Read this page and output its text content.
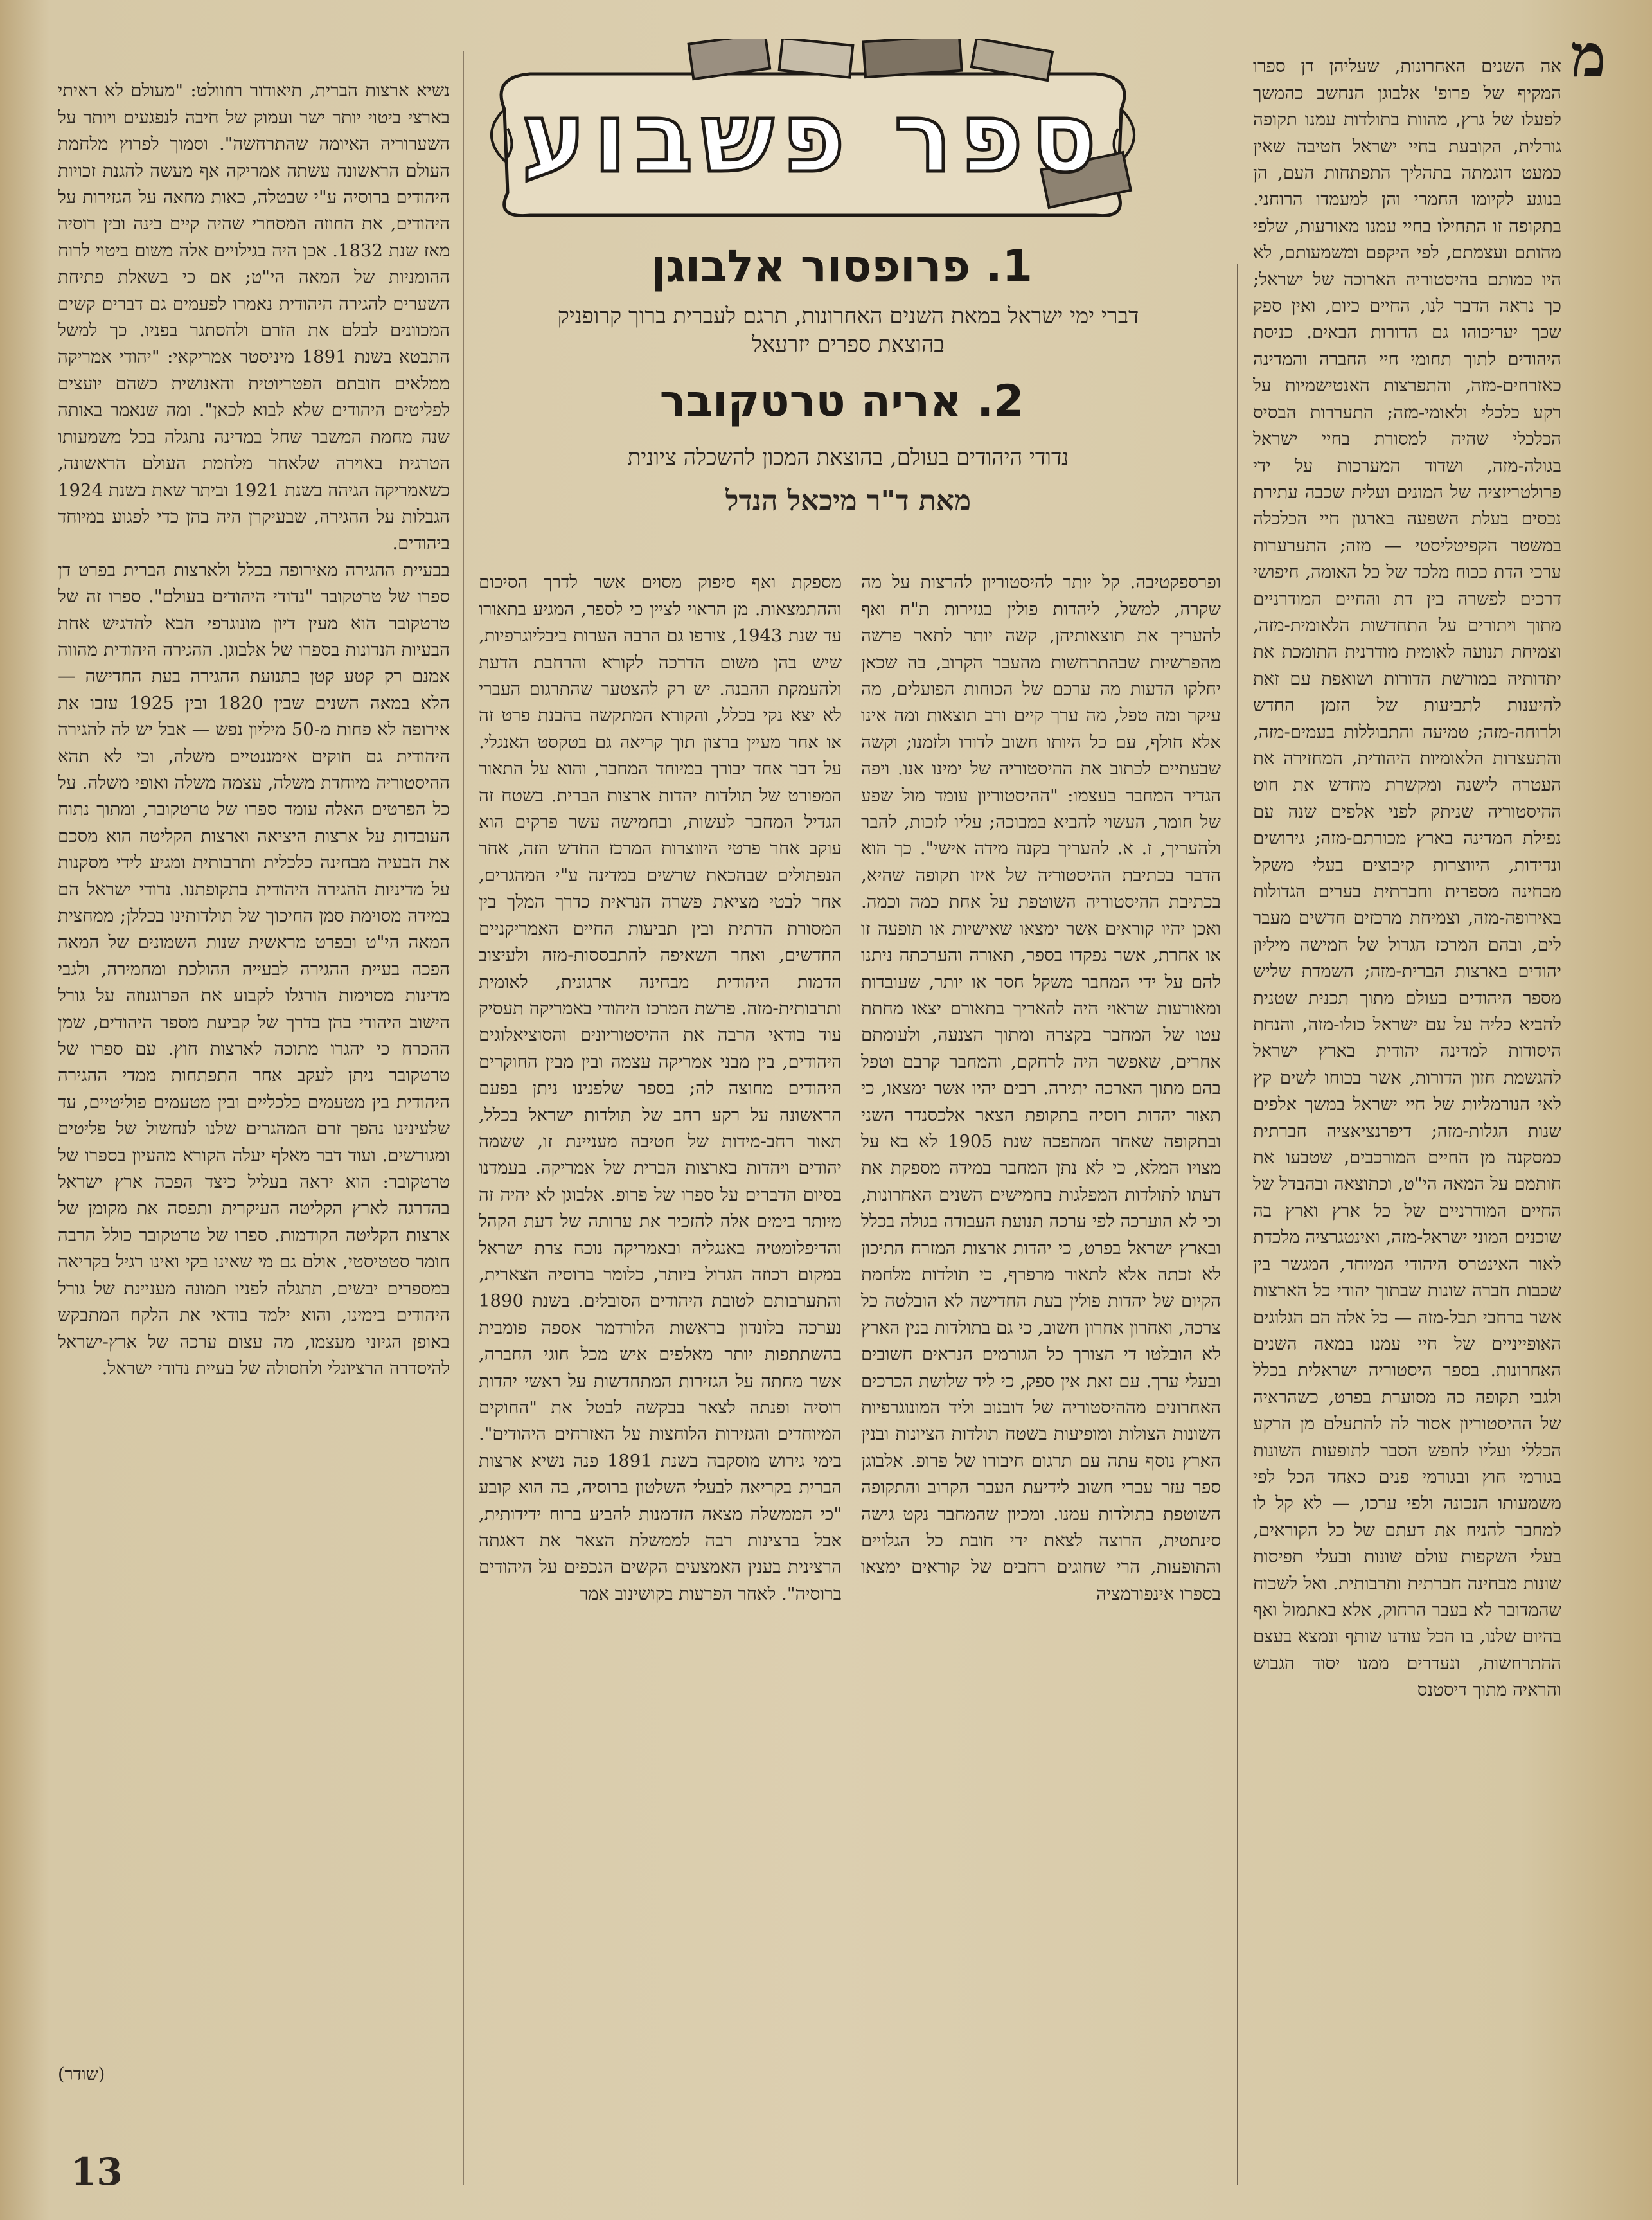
ספר פשבוע
מ
1. פרופסור אלבוגן
דברי ימי ישראל במאת השנים האחרונות, תרגם לעברית ברוך קרופניק
בהוצאת ספרים יזרעאל
2. אריה טרטקובר
נדודי היהודים בעולם, בהוצאת המכון להשכלה ציונית
מאת ד"ר מיכאל הנדל

אה השנים האחרונות, שעליהן דן ספרו המקיף של פרופ' אלבוגן הנחשב כהמשך לפעלו של גרץ, מהוות בתולדות עמנו תקופה גורלית, הקובעת בחיי ישראל חטיבה שאין כמעט דוגמתה בתהליך התפתחות העם, הן בנוגע לקיומו החמרי והן למעמדו הרוחני. בתקופה זו התחילו בחיי עמנו מאורעות, שלפי מהותם ועצמתם, לפי היקפם ומשמעותם, לא היו כמותם בהיסטוריה הארוכה של ישראל; כך נראה הדבר לנו, החיים כיום, ואין ספק שכך יעריכוהו גם הדורות הבאים. כניסת היהודים לתוך תחומי חיי החברה והמדינה כאזרחים-מזה, והתפרצות האנטישמיות על רקע כלכלי ולאומי-מזה; התעררות הבסיס הכלכלי שהיה למסורת בחיי ישראל בגולה-מזה, ושדוד המערכות על ידי פרולטריזציה של המונים ועלית שכבה עתירת נכסים בעלת השפעה בארגון חיי הכלכלה במשטר הקפיטליסטי — מזה; התערערות ערכי הדת ככוח מלכד של כל האומה, חיפושי דרכים לפשרה בין דת והחיים המודרניים מתוך ויתורים על התחדשות הלאומית-מזה, וצמיחת תנועה לאומית מודרנית התומכת את יתדותיה במורשת הדורות ושואפת עם זאת להיענות לתביעות של הזמן החדש ולרוחה-מזה; טמיעה והתבוללות בעמים-מזה, והתעצרות הלאומיות היהודית, המחזירה את העטרה לישנה ומקשרת מחדש את חוט ההיסטוריה שניתק לפני אלפים שנה עם נפילת המדינה בארץ מכורתם-מזה; גירושים ונדידות, היווצרות קיבוצים בעלי משקל מבחינה מספרית וחברתית בערים הגדולות באירופה-מזה, וצמיחת מרכזים חדשים מעבר לים, ובהם המרכז הגדול של חמישה מיליון יהודים בארצות הברית-מזה; השמדת שליש מספר היהודים בעולם מתוך תכנית שטנית להביא כליה על עם ישראל כולו-מזה, והנחת היסודות למדינה יהודית בארץ ישראל להגשמת חזון הדורות, אשר בכוחו לשים קץ לאי הנורמליות של חיי ישראל במשך אלפים שנות הגלות-מזה; דיפרנציאציה חברתית כמסקנה מן החיים המורכבים, שטבעו את חותמם על המאה הי"ט, וכתוצאה ובהבדל של החיים המודרניים של כל ארץ וארץ בה שוכנים המוני ישראל-מזה, ואינטגרציה מלכדת לאור האינטרס היהודי המיוחד, המגשר בין שכבות חברה שונות שבתוך יהודי כל הארצות אשר ברחבי תבל-מזה — כל אלה הם הגלוגים האופייניים של חיי עמנו במאה השנים האחרונות. בספר היסטוריה ישראלית בכלל ולגבי תקופה כה מסוערת בפרט, כשהראיה של ההיסטוריון אסור לה להתעלם מן הרקע הכללי ועליו לחפש הסבר לתופעות השונות בגורמי חוץ ובגורמי פנים כאחד הכל לפי משמעותו הנכונה ולפי ערכו, — לא קל לו למחבר להניח את דעתם של כל הקוראים, בעלי השקפות עולם שונות ובעלי תפיסות שונות מבחינה חברתית ותרבותית. ואל לשכוח שהמדובר לא בעבר הרחוק, אלא באתמול ואף בהיום שלנו, בו הכל עודנו שותף ונמצא בעצם ההתרחשות, ונעדרים ממנו יסוד הגבוש והראיה מתוך דיסטנס

ופרספקטיבה. קל יותר להיסטוריון להרצות על מה שקרה, למשל, ליהדות פולין בגזירות ת"ח ואף להעריך את תוצאותיהן, קשה יותר לתאר פרשה מהפרשיות שבהתרחשות מהעבר הקרוב, בה שכאן יחלקו הדעות מה ערכם של הכוחות הפועלים, מה עיקר ומה טפל, מה ערך קיים ורב תוצאות ומה אינו אלא חולף, עם כל היותו חשוב לדורו ולזמנו; וקשה שבעתיים לכתוב את ההיסטוריה של ימינו אנו. ויפה הגדיר המחבר בעצמו: "ההיסטוריון עומד מול שפע של חומר, העשוי להביא במבוכה; עליו לזכות, להבר ולהעריך, ז. א. להעריך בקנה מידה אישי". כך הוא הדבר בכתיבת ההיסטוריה של איזו תקופה שהיא, בכתיבת ההיסטוריה השוטפת על אחת כמה וכמה. ואכן יהיו קוראים אשר ימצאו שאישיות או תופעה זו או אחרת, אשר נפקדו בספר, תאורה והערכתה ניתנו להם על ידי המחבר משקל חסר או יותר, שעובדות ומאורעות שראוי היה להאריך בתאורם יצאו מחתת עטו של המחבר בקצרה ומתוך הצנעה, ולעומתם אחרים, שאפשר היה לרחקם, והמחבר קרבם וטפל בהם מתוך הארכה יתירה. רבים יהיו אשר ימצאו, כי תאור יהדות רוסיה בתקופת הצאר אלכסנדר השני ובתקופה שאחר המהפכה שנת 1905 לא בא על מצויו המלא, כי לא נתן המחבר במידה מספקת את דעתו לתולדות המפלגות בחמישים השנים האחרונות, וכי לא הוערכה לפי ערכה תנועת העבודה בגולה בכלל ובארץ ישראל בפרט, כי יהדות ארצות המזרח התיכון לא זכתה אלא לתאור מרפרף, כי תולדות מלחמת הקיום של יהדות פולין בעת החדישה לא הובלטה כל צרכה, ואחרון אחרון חשוב, כי גם בתולדות בנין הארץ לא הובלטו די הצורך כל הגורמים הנראים חשובים ובעלי ערך. עם זאת אין ספק, כי ליד שלושת הכרכים האחרונים מההיסטוריה של דובנוב וליד המונוגרפיות השונות הצולות ומופיעות בשטח תולדות הציונות ובנין הארץ נוסף עתה עם תרגום חיבורו של פרופ. אלבוגן ספר עזר עברי חשוב לידיעת העבר הקרוב והתקופה השוטפת בתולדות עמנו. ומכיון שהמחבר נקט גישה סינתטית, הרוצה לצאת ידי חובת כל הגלויים והתופעות, הרי שחוגים רחבים של קוראים ימצאו בספרו אינפורמציה

מספקת ואף סיפוק מסוים אשר לדרך הסיכום וההתמצאות. מן הראוי לציין כי לספר, המגיע בתאורו עד שנת 1943, צורפו גם הרבה הערות ביבליוגרפיות, שיש בהן משום הדרכה לקורא והרחבת הדעת ולהעמקת ההבנה. יש רק להצטער שהתרגום העברי לא יצא נקי בכלל, והקורא המתקשה בהבנת פרט זה או אחר מעיין ברצון תוך קריאה גם בטקסט האנגלי. על דבר אחד יבורך במיוחד המחבר, והוא על התאור המפורט של תולדות יהדות ארצות הברית. בשטח זה הגדיל המחבר לעשות, ובחמישה עשר פרקים הוא עוקב אחר פרטי היווצרות המרכז החדש הזה, אחר הנפתולים שבהכאת שרשים במדינה ע"י המהגרים, אחר לבטי מציאת פשרה הנראית כדרך המלך בין המסורת הדתית ובין תביעות החיים האמריקניים החדשים, ואחר השאיפה להתבססות-מזה ולעיצוב הדמות היהודית מבחינה ארגונית, לאומית ותרבותית-מזה. פרשת המרכז היהודי באמריקה תעסיק עוד בודאי הרבה את ההיסטוריונים והסוציאלוגים היהודים, בין מבני אמריקה עצמה ובין מבין החוקרים היהודים מחוצה לה; בספר שלפנינו ניתן בפעם הראשונה על רקע רחב של תולדות ישראל בכלל, תאור רחב-מידות של חטיבה מעניינת זו, ששמה יהודים ויהדות בארצות הברית של אמריקה. בעמדנו בסיום הדברים על ספרו של פרופ. אלבוגן לא יהיה זה מיותר בימים אלה להזכיר את ערותה של דעת הקהל והדיפלומטיה באנגליה ובאמריקה נוכח צרת ישראל במקום רכוזה הגדול ביותר, כלומר ברוסיה הצארית, והתערבותם לטובת היהודים הסובלים. בשנת 1890 נערכה בלונדון בראשות הלורדמר אספה פומבית בהשתתפות יותר מאלפים איש מכל חוגי החברה, אשר מחתה על הגזירות המתחדשות על ראשי יהדות רוסיה ופנתה לצאר בבקשה לבטל את "החוקים המיוחדים והגזירות הלוחצות על האזרחים היהודים". בימי גירוש מוסקבה בשנת 1891 פנה נשיא ארצות הברית בקריאה לבעלי השלטון ברוסיה, בה הוא קובע "כי הממשלה מצאה הזדמנות להביע ברוח ידידותית, אבל ברצינות רבה לממשלת הצאר את דאגתה הרצינית בענין האמצעים הקשים הנכפים על היהודים ברוסיה". לאחר הפרעות בקושינוב אמר

נשיא ארצות הברית, תיאודור רוזוולט: "מעולם לא ראיתי בארצי ביטוי יותר ישר ועמוק של חיבה לנפגעים ויותר על השערוריה האיומה שהתרחשה". וסמוך לפרוץ מלחמת העולם הראשונה עשתה אמריקה אף מעשה להגנת זכויות היהודים ברוסיה ע"י שבטלה, כאות מחאה על הגזירות על היהודים, את החוזה המסחרי שהיה קיים בינה ובין רוסיה מאז שנת 1832. אכן היה בגילויים אלה משום ביטוי לרוח ההומניות של המאה הי"ט; אם כי בשאלת פתיחת השערים להגירה היהודית נאמרו לפעמים גם דברים קשים המכוונים לבלם את הזרם ולהסתגר בפניו. כך למשל התבטא בשנת 1891 מיניסטר אמריקאי: "יהודי אמריקה ממלאים חובתם הפטריוטית והאנושית כשהם יועצים לפליטים היהודים שלא לבוא לכאן". ומה שנאמר באותה שנה מחמת המשבר שחל במדינה נתגלה בכל משמעותו הטרגית באוירה שלאחר מלחמת העולם הראשונה, כשאמריקה הגיהה בשנת 1921 וביתר שאת בשנת 1924 הגבלות על ההגירה, שבעיקרן היה בהן כדי לפגוע במיוחד ביהודים.
בבעיית ההגירה מאירופה בכלל ולארצות הברית בפרט דן ספרו של טרטקובר "נדודי היהודים בעולם". ספרו זה של טרטקובר הוא מעין דיון מונוגרפי הבא להדגיש אחת הבעיות הנדונות בספרו של אלבוגן. ההגירה היהודית מהווה אמנם רק קטע קטן בתנועת ההגירה בעת החדישה — הלא במאה השנים שבין 1820 ובין 1925 עזבו את אירופה לא פחות מ-50 מיליון נפש — אבל יש לה להגירה היהודית גם חוקים אימננטיים משלה, וכי לא תהא ההיסטוריה מיוחדת משלה, עצמה משלה ואופי משלה. על כל הפרטים האלה עומד ספרו של טרטקובר, ומתוך נתוח העובדות על ארצות היציאה וארצות הקליטה הוא מסכם את הבעיה מבחינה כלכלית ותרבותית ומגיע לידי מסקנות על מדיניות ההגירה היהודית בתקופתנו. נדודי ישראל הם במידה מסוימת סמן החיכוך של תולדותינו בכללן; ממחצית המאה הי"ט ובפרט מראשית שנות השמונים של המאה הפכה בעיית ההגירה לבעייה ההולכת ומחמירה, ולגבי מדינות מסוימות הורגלו לקבוע את הפרוגנוזה על גורל הישוב היהודי בהן בדרך של קביעת מספר היהודים, שמן ההכרח כי יהגרו מתוכה לארצות חוץ. עם ספרו של טרטקובר ניתן לעקב אחר התפתחות ממדי ההגירה היהודית בין מטעמים כלכליים ובין מטעמים פוליטיים, עד שלעינינו נהפך זרם המהגרים שלנו לנחשול של פליטים ומגורשים. ועוד דבר מאלף יעלה הקורא מהעיון בספרו של טרטקובר: הוא יראה בעליל כיצד הפכה ארץ ישראל בהדרגה לארץ הקליטה העיקרית ותפסה את מקומן של ארצות הקליטה הקודמות. ספרו של טרטקובר כולל הרבה חומר סטטיסטי, אולם גם מי שאינו בקי ואינו רגיל בקריאה במספרים יבשים, תתגלה לפניו תמונה מעניינת של גורל היהודים בימינו, והוא ילמד בודאי את הלקח המתבקש באופן הגיוני מעצמו, מה עצום ערכה של ארץ-ישראל להיסדרה הרציונלי ולחסולה של בעיית נדודי ישראל.

(שודר)
13
